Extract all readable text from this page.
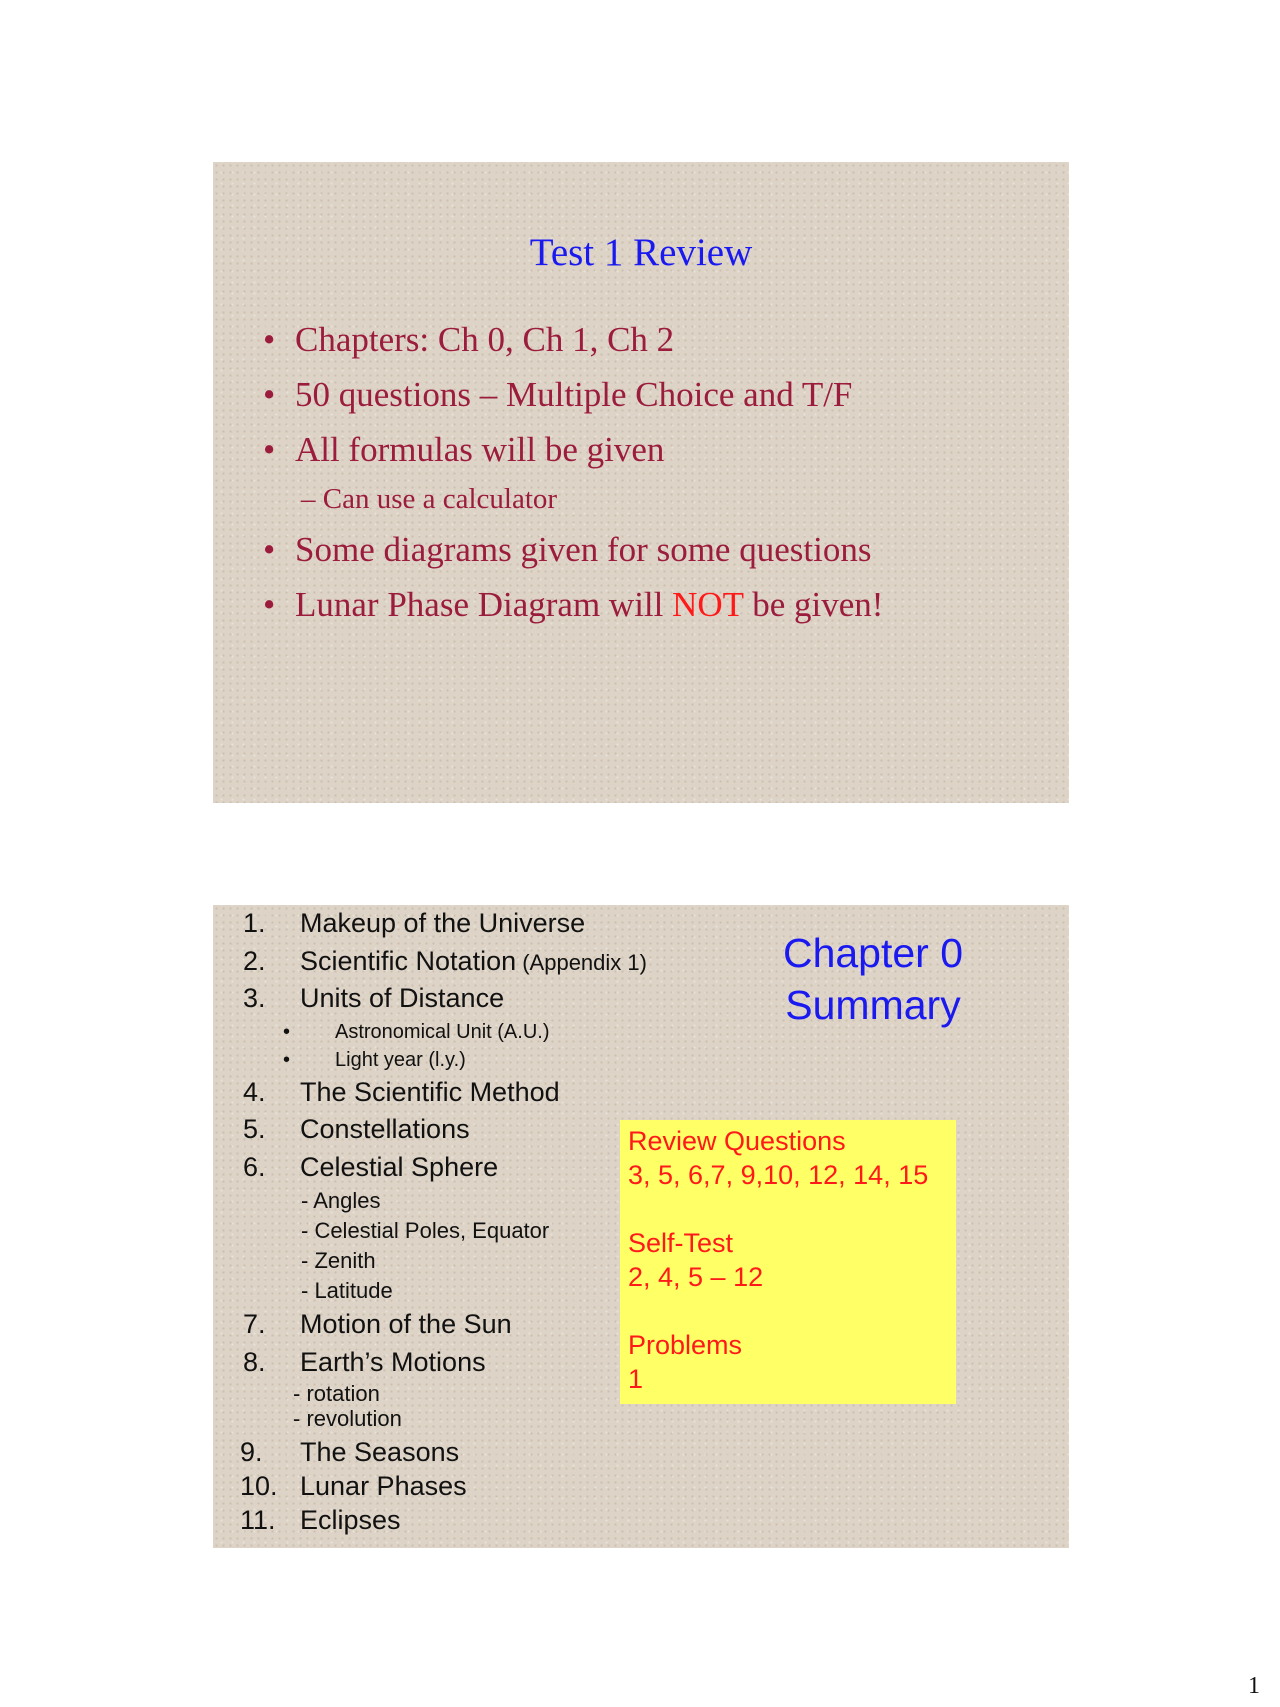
Test 1 Review
• Chapters: Ch 0, Ch 1, Ch 2
• 50 questions – Multiple Choice and T/F
• All formulas will be given
– Can use a calculator
• Some diagrams given for some questions
• Lunar Phase Diagram will NOT be given!
Chapter 0
Summary
1.	Makeup of the Universe
2.	Scientific Notation (Appendix 1)
3.	Units of Distance
• Astronomical Unit (A.U.)
• Light year (l.y.)
4.	The Scientific Method
5.	Constellations
6.	Celestial Sphere
- Angles
- Celestial Poles, Equator
- Zenith
- Latitude
7.	Motion of the Sun
8.	Earth’s Motions
- rotation
- revolution
9. The Seasons
10. Lunar Phases
11. Eclipses
Review Questions
3, 5, 6,7, 9,10, 12, 14, 15
Self-Test
2, 4, 5 – 12
Problems
1
1
